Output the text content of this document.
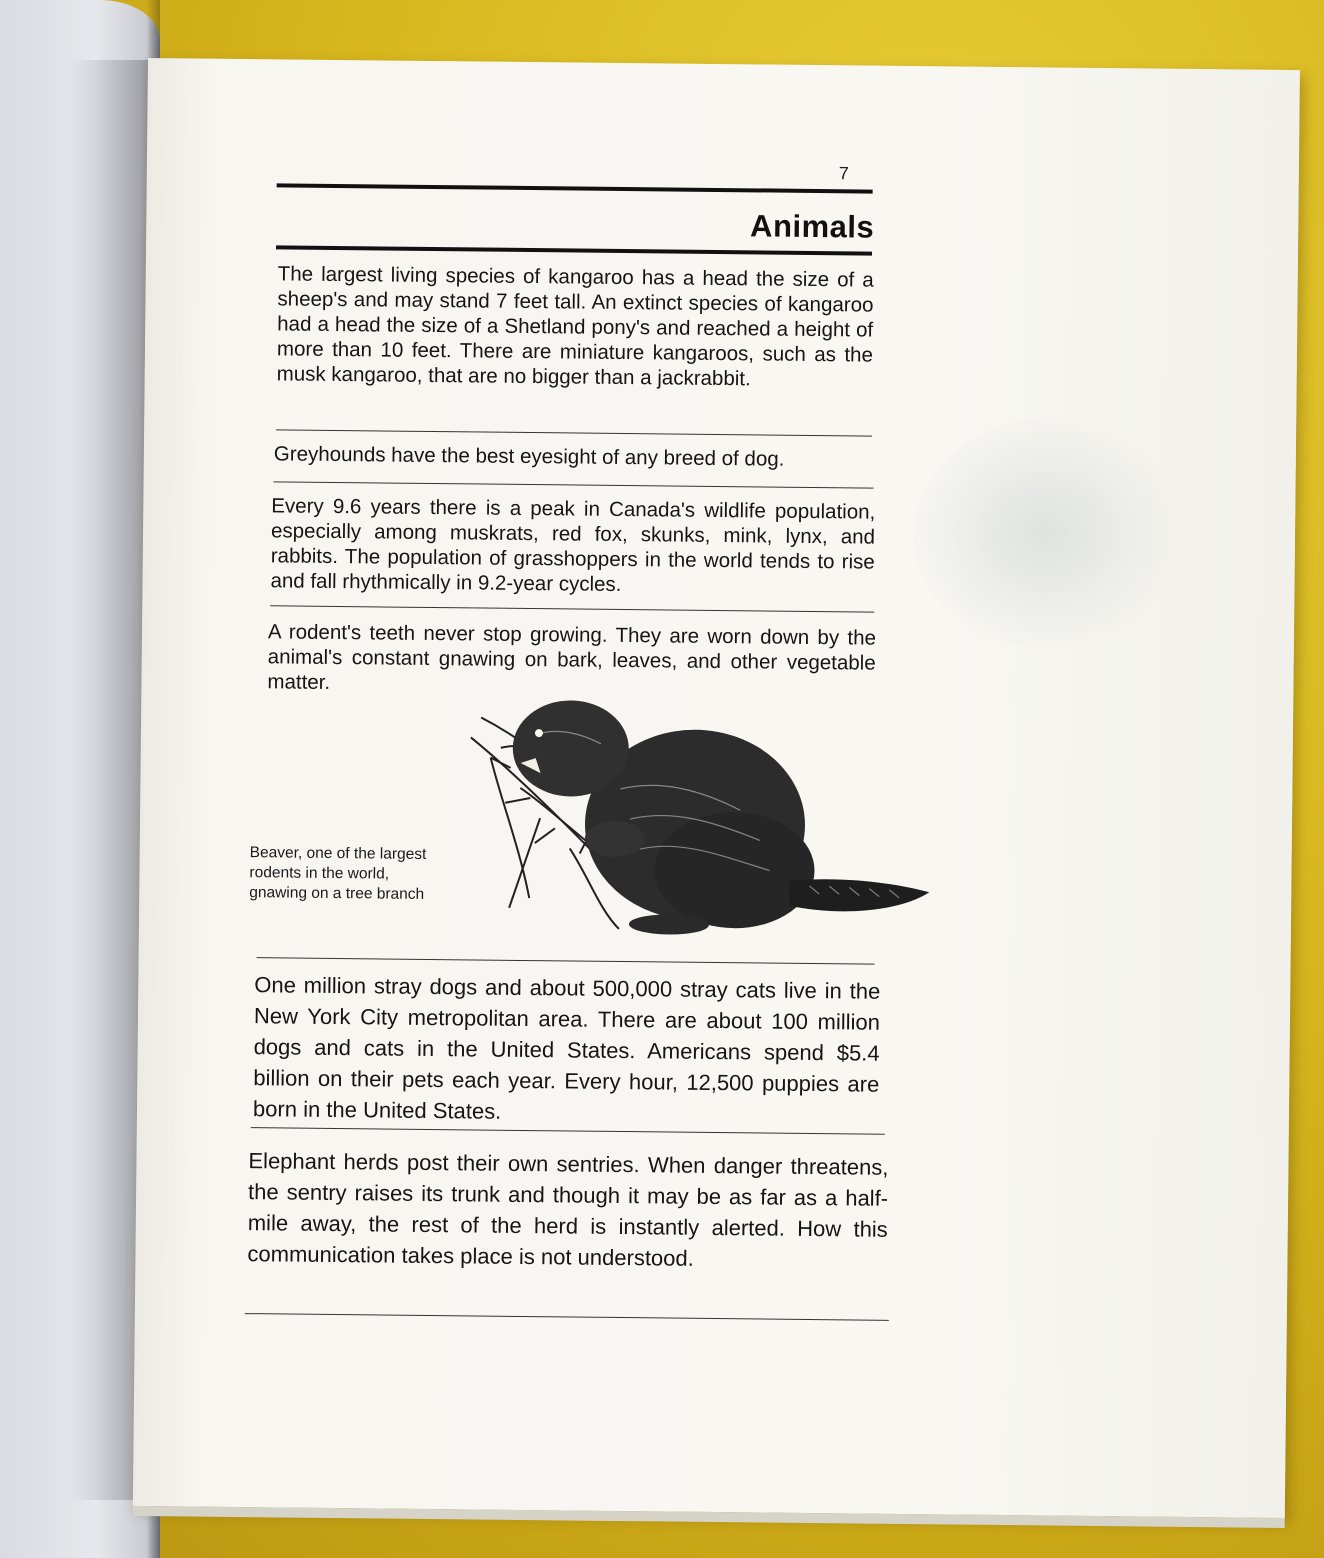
7
Animals

The largest living species of kangaroo has a head the size of a sheep's and may stand 7 feet tall. An extinct species of kangaroo had a head the size of a Shetland pony's and reached a height of more than 10 feet. There are miniature kangaroos, such as the musk kangaroo, that are no bigger than a jackrabbit.

Greyhounds have the best eyesight of any breed of dog.

Every 9.6 years there is a peak in Canada's wildlife population, especially among muskrats, red fox, skunks, mink, lynx, and rabbits. The population of grasshoppers in the world tends to rise and fall rhythmically in 9.2-year cycles.

A rodent's teeth never stop growing. They are worn down by the animal's constant gnawing on bark, leaves, and other vegetable matter.

Beaver, one of the largest rodents in the world, gnawing on a tree branch

One million stray dogs and about 500,000 stray cats live in the New York City metropolitan area. There are about 100 million dogs and cats in the United States. Americans spend $5.4 billion on their pets each year. Every hour, 12,500 puppies are born in the United States.

Elephant herds post their own sentries. When danger threatens, the sentry raises its trunk and though it may be as far as a half-mile away, the rest of the herd is instantly alerted. How this communication takes place is not understood.
